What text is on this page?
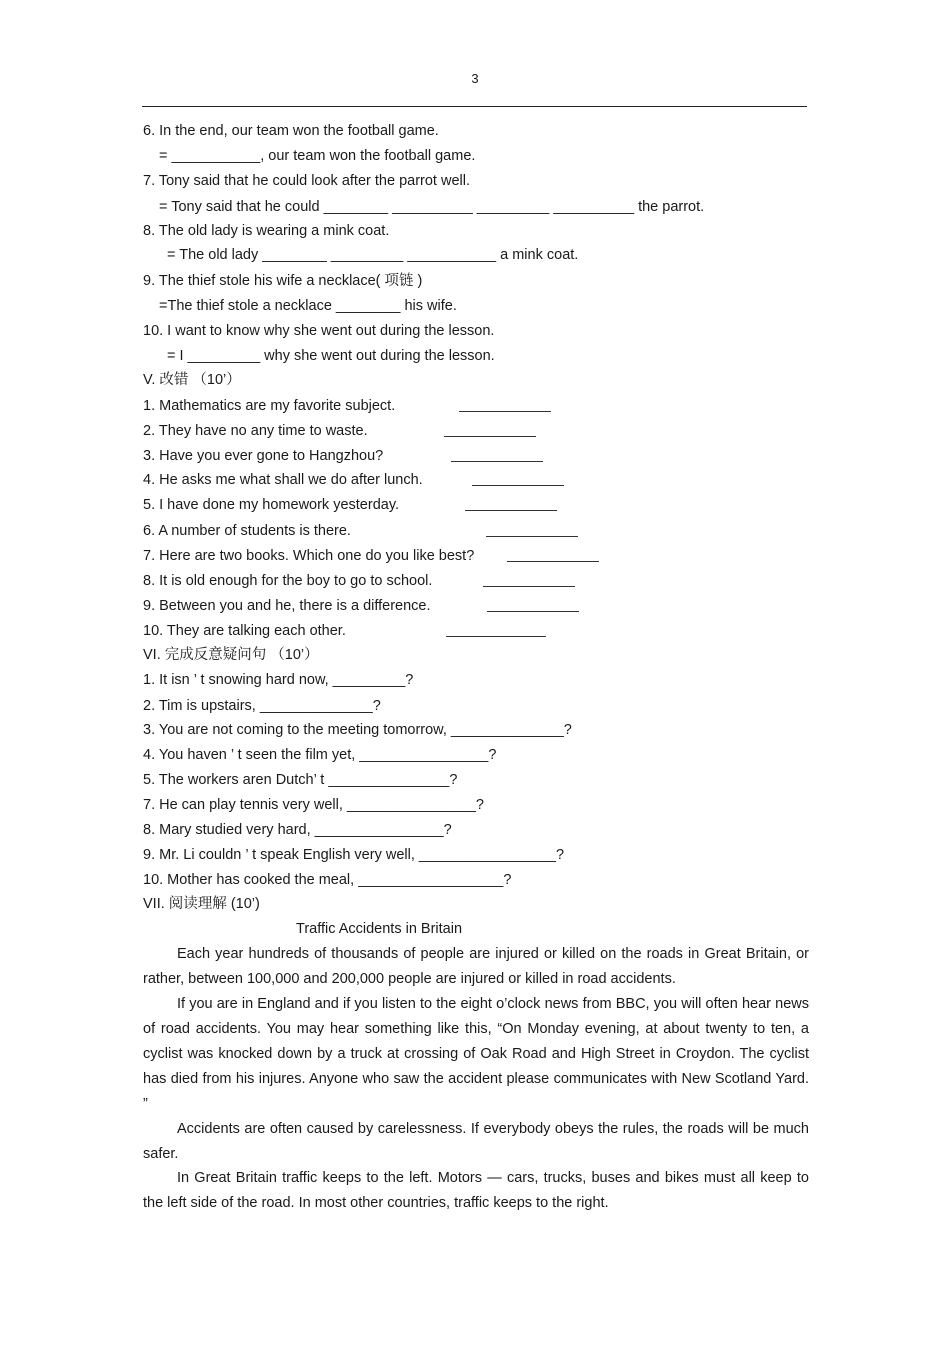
3
6. In the end, our team won the football game.
= ___________, our team won the football game.
7. Tony said that he could look after the parrot well.
= Tony said that he could ________ __________ _________ __________ the parrot.
8. The old lady is wearing a mink coat.
= The old lady ________ _________ ___________ a mink coat.
9. The thief stole his wife a necklace( 项链 )
=The thief stole a necklace ________ his wife.
10. I want to know why she went out during the lesson.
= I _________ why she went out during the lesson.
V. 改错 （10’）
1. Mathematics are my favorite subject.
2. They have no any time to waste.
3. Have you ever gone to Hangzhou?
4. He asks me what shall we do after lunch.
5. I have done my homework yesterday.
6. A number of students is there.
7. Here are two books. Which one do you like best?
8. It is old enough for the boy to go to school.
9. Between you and he, there is a difference.
10. They are talking each other.
VI. 完成反意疑问句 （10’）
1. It isn ’ t snowing hard now, _________?
2. Tim is upstairs, ______________?
3. You are not coming to the meeting tomorrow, ______________?
4. You haven ’ t seen the film yet, ________________?
5. The workers aren Dutch’ t _______________?
7. He can play tennis very well, ________________?
8. Mary studied very hard, ________________?
9. Mr. Li couldn ’ t speak English very well, _________________?
10. Mother has cooked the meal, __________________?
VII. 阅读理解 (10’)
Traffic Accidents in Britain

Each year hundreds of thousands of people are injured or killed on the roads in Great Britain, or rather, between 100,000 and 200,000 people are injured or killed in road accidents.

If you are in England and if you listen to the eight o’clock news from BBC, you will often hear news of road accidents. You may hear something like this, “On Monday evening, at about twenty to ten, a cyclist was knocked down by a truck at crossing of Oak Road and High Street in Croydon. The cyclist has died from his injures. Anyone who saw the accident please communicates with New Scotland Yard. ”

Accidents are often caused by carelessness. If everybody obeys the rules, the roads will be much safer.

In Great Britain traffic keeps to the left. Motors — cars, trucks, buses and bikes must all keep to the left side of the road. In most other countries, traffic keeps to the right.
